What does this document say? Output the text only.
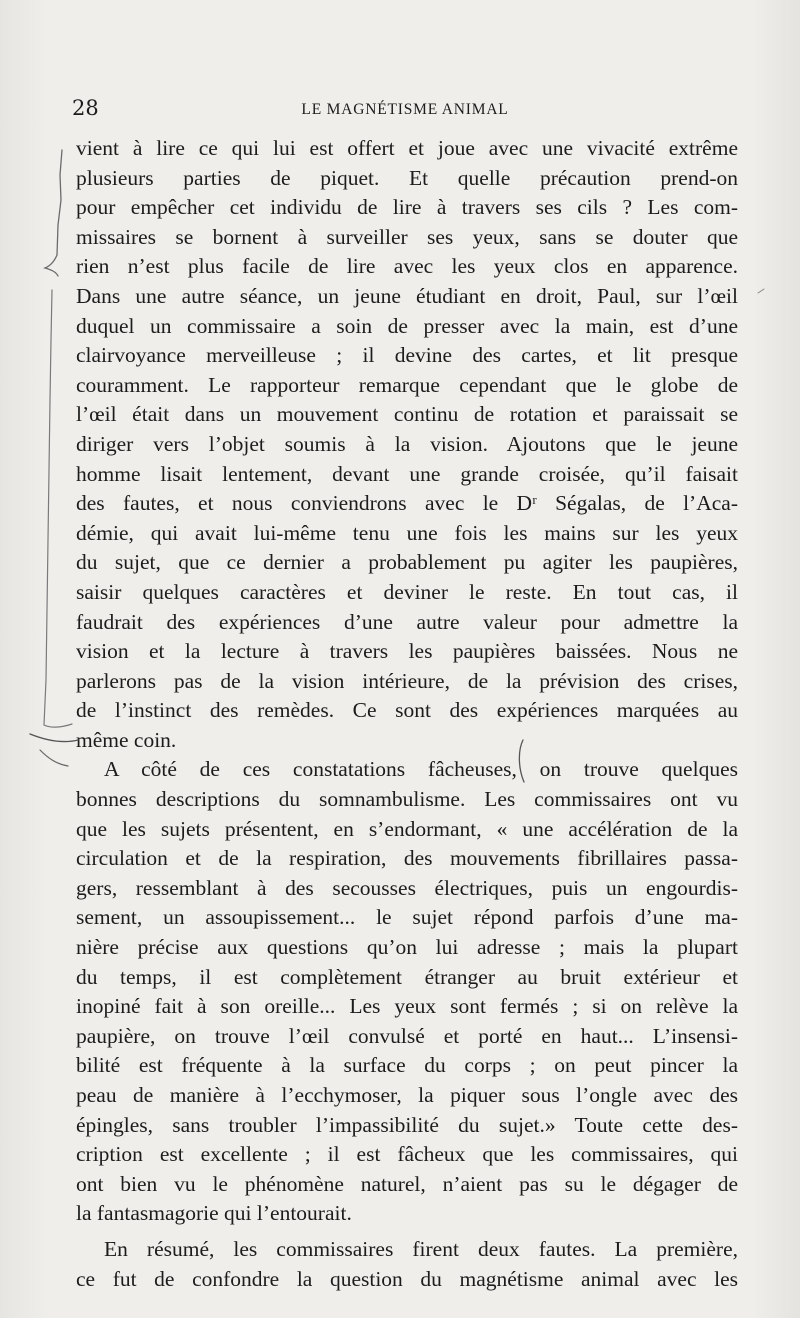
28	LE MAGNÉTISME ANIMAL
vient à lire ce qui lui est offert et joue avec une vivacité extrême
plusieurs parties de piquet. Et quelle précaution prend-on
pour empêcher cet individu de lire à travers ses cils ? Les com-
missaires se bornent à surveiller ses yeux, sans se douter que
rien n’est plus facile de lire avec les yeux clos en apparence.
Dans une autre séance, un jeune étudiant en droit, Paul, sur l’œil
duquel un commissaire a soin de presser avec la main, est d’une
clairvoyance merveilleuse ; il devine des cartes, et lit presque
couramment. Le rapporteur remarque cependant que le globe de
l’œil était dans un mouvement continu de rotation et paraissait se
diriger vers l’objet soumis à la vision. Ajoutons que le jeune
homme lisait lentement, devant une grande croisée, qu’il faisait
des fautes, et nous conviendrons avec le Dʳ Ségalas, de l’Aca-
démie, qui avait lui-même tenu une fois les mains sur les yeux
du sujet, que ce dernier a probablement pu agiter les paupières,
saisir quelques caractères et deviner le reste. En tout cas, il
faudrait des expériences d’une autre valeur pour admettre la
vision et la lecture à travers les paupières baissées. Nous ne
parlerons pas de la vision intérieure, de la prévision des crises,
de l’instinct des remèdes. Ce sont des expériences marquées au
même coin.
A côté de ces constatations fâcheuses, on trouve quelques
bonnes descriptions du somnambulisme. Les commissaires ont vu
que les sujets présentent, en s’endormant, « une accélération de la
circulation et de la respiration, des mouvements fibrillaires passa-
gers, ressemblant à des secousses électriques, puis un engourdis-
sement, un assoupissement... le sujet répond parfois d’une ma-
nière précise aux questions qu’on lui adresse ; mais la plupart
du temps, il est complètement étranger au bruit extérieur et
inopiné fait à son oreille... Les yeux sont fermés ; si on relève la
paupière, on trouve l’œil convulsé et porté en haut... L’insensi-
bilité est fréquente à la surface du corps ; on peut pincer la
peau de manière à l’ecchymoser, la piquer sous l’ongle avec des
épingles, sans troubler l’impassibilité du sujet.» Toute cette des-
cription est excellente ; il est fâcheux que les commissaires, qui
ont bien vu le phénomène naturel, n’aient pas su le dégager de
la fantasmagorie qui l’entourait.
En résumé, les commissaires firent deux fautes. La première,
ce fut de confondre la question du magnétisme animal avec les
